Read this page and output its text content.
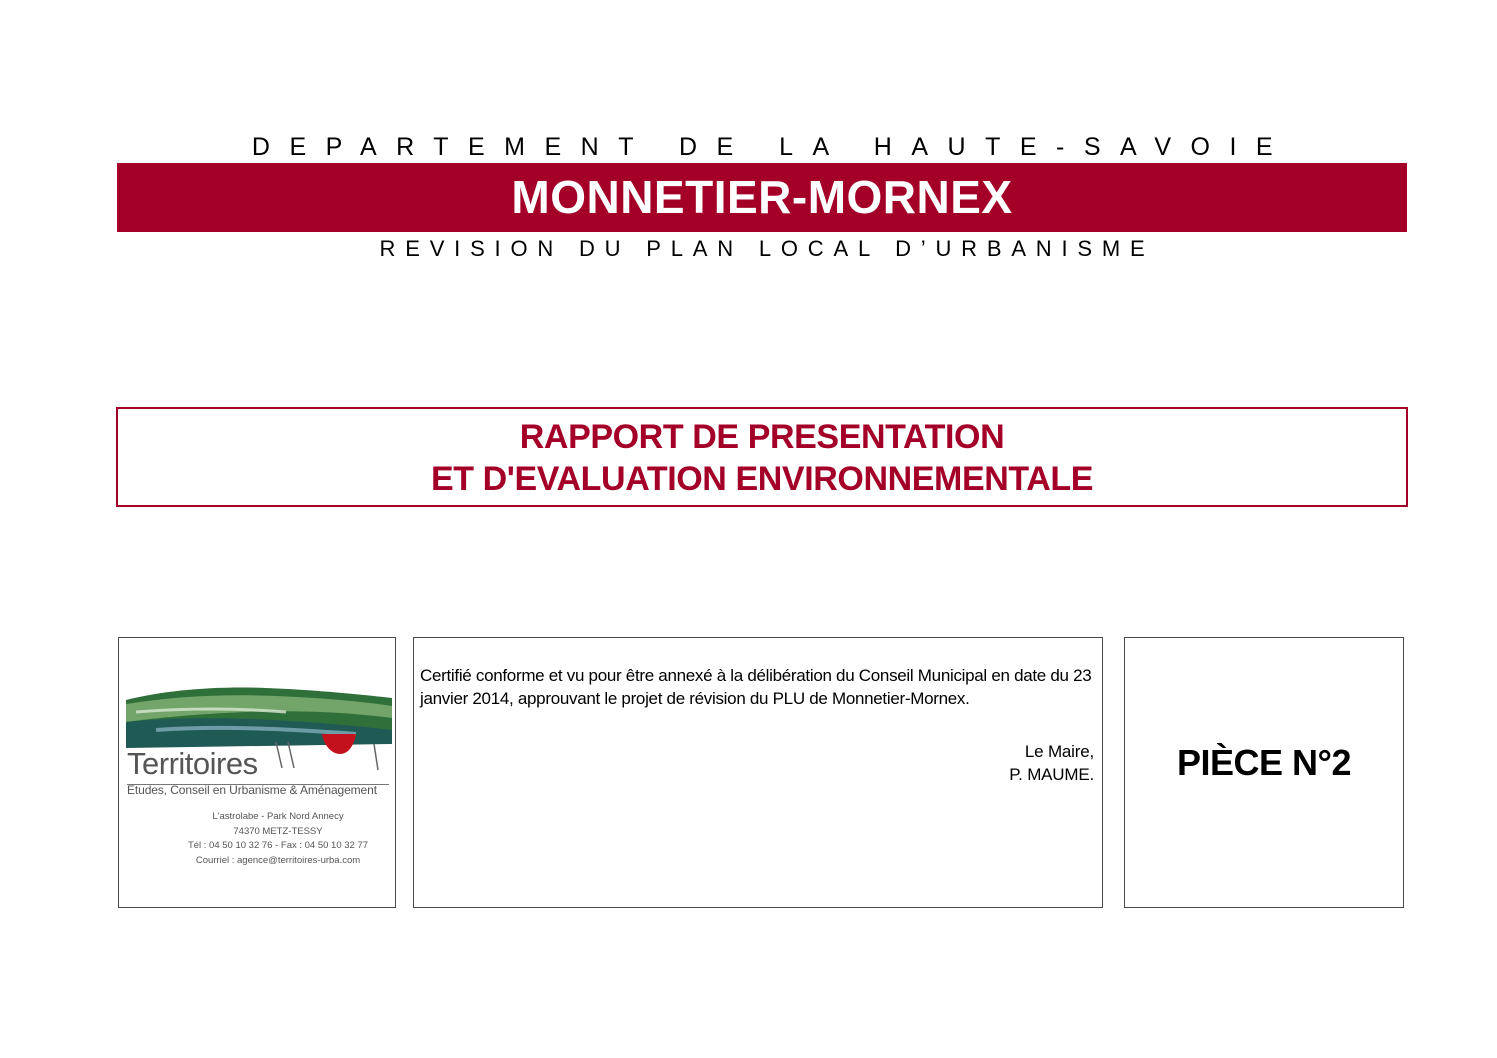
DEPARTEMENT DE LA HAUTE-SAVOIE
MONNETIER-MORNEX
REVISION DU PLAN LOCAL D’URBANISME
RAPPORT DE PRESENTATION
ET D'EVALUATION ENVIRONNEMENTALE
Territoires
Etudes, Conseil en Urbanisme & Aménagement
L'astrolabe - Park Nord Annecy
74370 METZ-TESSY
Tél : 04 50 10 32 76 - Fax : 04 50 10 32 77
Courriel : agence@territoires-urba.com
Certifié conforme et vu pour être annexé à la délibération du Conseil Municipal en date du 23 janvier 2014, approuvant le projet de révision du PLU de Monnetier-Mornex.
Le Maire,
P. MAUME.	PIÈCE N°2
